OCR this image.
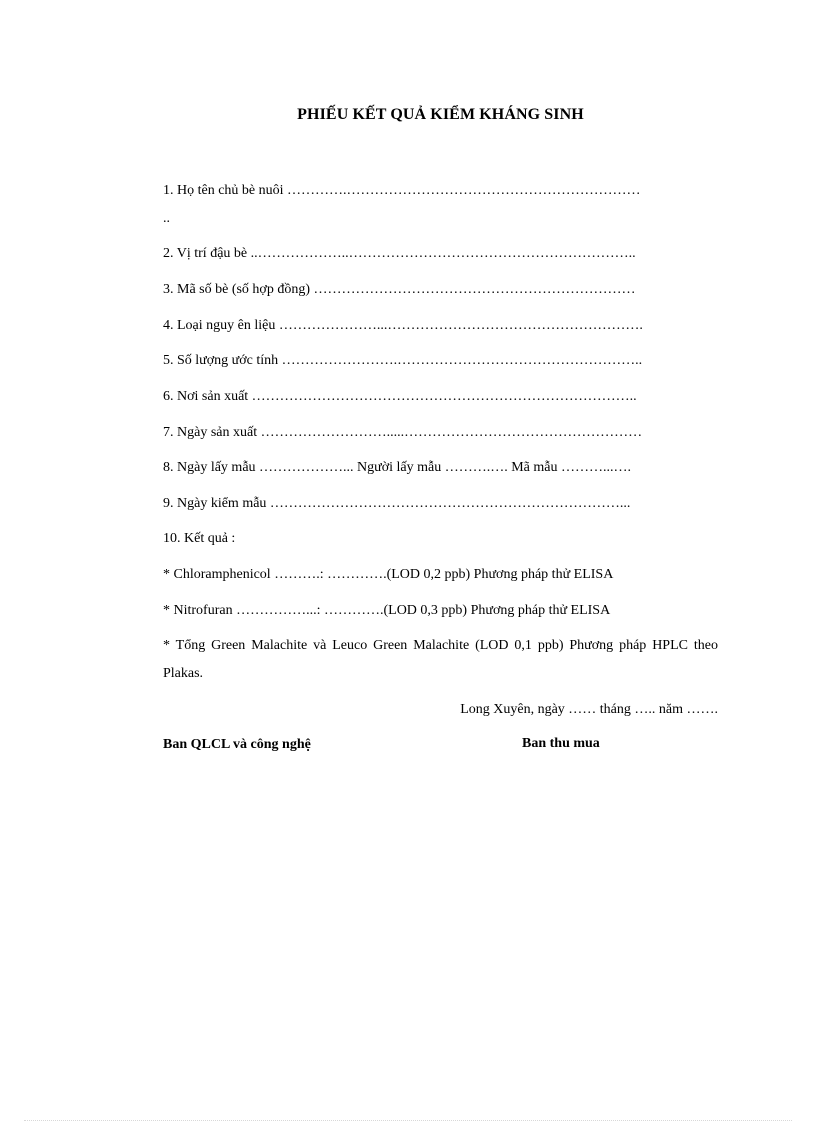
PHIẾU KẾT QUẢ KIỂM KHÁNG SINH
1. Họ tên chủ bè nuôi ………….………………………………………………………
..
2. Vị trí đậu bè ..………………..……………………………………………………..
3. Mã số bè (số hợp đồng) ……………………………………………………………
4. Loại nguy ên liệu …………………...……………………………………………….
5. Số lượng ước tính …………………….……………………………………………..
6. Nơi sản xuất ………………………………………………………………………..
7. Ngày sản xuất ……………………….....……………………………………………
8. Ngày lấy mẫu ………………... Người lấy mẫu ……….…. Mã mẫu ………...….
9. Ngày kiểm mẫu …………………………………………………………………...
10. Kết quả :
* Chloramphenicol ……….: ………….(LOD 0,2 ppb) Phương pháp thử ELISA
* Nitrofuran ……………...: ………….(LOD 0,3 ppb) Phương pháp thử ELISA
* Tổng Green Malachite và Leuco Green Malachite (LOD 0,1 ppb) Phương pháp HPLC theo Plakas.
Long Xuyên, ngày …… tháng ….. năm …….
Ban QLCL và công nghệ	Ban thu mua
